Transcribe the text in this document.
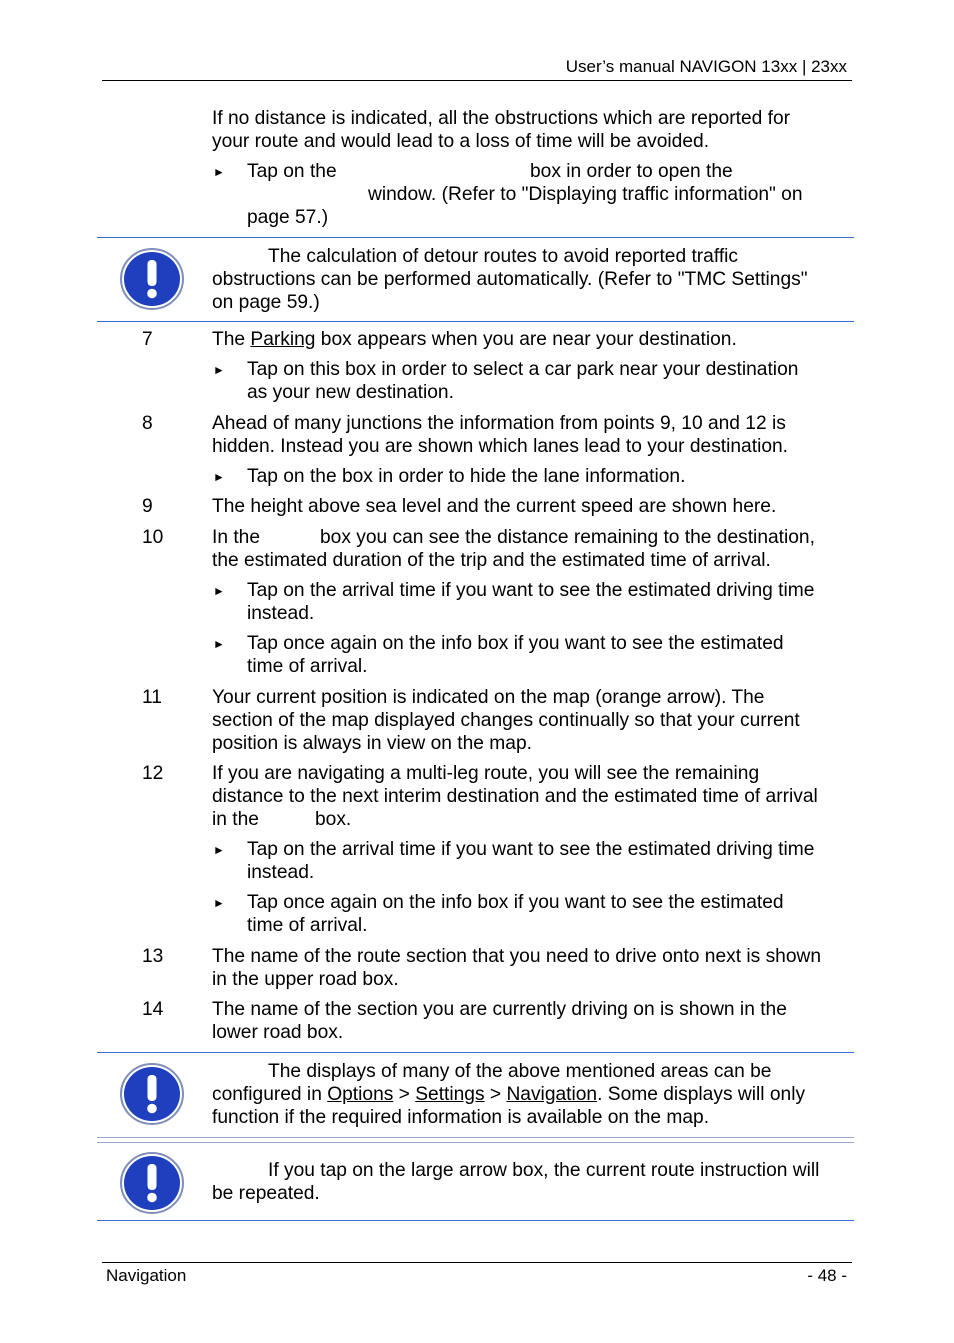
User’s manual NAVIGON 13xx | 23xx
If no distance is indicated, all the obstructions which are reported for
your route and would lead to a loss of time will be avoided.
► Tap on the	box in order to open the
window. (Refer to "Displaying traffic information" on
page 57.)
The calculation of detour routes to avoid reported traffic
obstructions can be performed automatically. (Refer to "TMC Settings"
on page 59.)
7	The Parking box appears when you are near your destination.
► Tap on this box in order to select a car park near your destination
as your new destination.
8	Ahead of many junctions the information from points 9, 10 and 12 is
hidden. Instead you are shown which lanes lead to your destination.
► Tap on the box in order to hide the lane information.
9	The height above sea level and the current speed are shown here.
10	In the	box you can see the distance remaining to the destination,
the estimated duration of the trip and the estimated time of arrival.
► Tap on the arrival time if you want to see the estimated driving time
instead.
► Tap once again on the info box if you want to see the estimated
time of arrival.
11	Your current position is indicated on the map (orange arrow). The
section of the map displayed changes continually so that your current
position is always in view on the map.
12	If you are navigating a multi-leg route, you will see the remaining
distance to the next interim destination and the estimated time of arrival
in the	box.
► Tap on the arrival time if you want to see the estimated driving time
instead.
► Tap once again on the info box if you want to see the estimated
time of arrival.
13	The name of the route section that you need to drive onto next is shown
in the upper road box.
14	The name of the section you are currently driving on is shown in the
lower road box.
The displays of many of the above mentioned areas can be
configured in Options > Settings > Navigation. Some displays will only
function if the required information is available on the map.
If you tap on the large arrow box, the current route instruction will
be repeated.
Navigation	- 48 -
